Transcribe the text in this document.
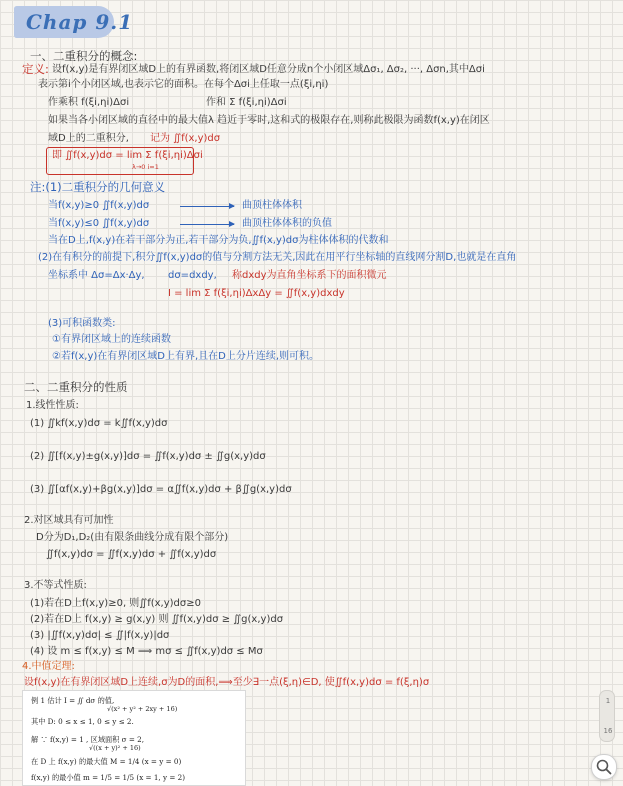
Chap 9.1
一、二重积分的概念:
定义: 设f(x,y)是有界闭区域D上的有界函数,将闭区域D任意分成n个小闭区域Δσ₁, Δσ₂, ···, Δσn,其中Δσi
表示第i个小闭区域,也表示它的面积。在每个Δσi上任取一点(ξi,ηi)
作乘积 f(ξi,ηi)Δσi	作和 Σ f(ξi,ηi)Δσi
如果当各小闭区域的直径中的最大值λ 趋近于零时,这和式的极限存在,则称此极限为函数f(x,y)在闭区
域D上的二重积分, 记为 ∬f(x,y)dσ
即 ∬f(x,y)dσ = lim Σ f(ξi,ηi)Δσi
λ→0 i=1
注:(1)二重积分的几何意义
当f(x,y)≥0 ∬f(x,y)dσ	曲顶柱体体积
当f(x,y)≤0 ∬f(x,y)dσ	曲顶柱体体积的负值
当在D上,f(x,y)在若干部分为正,若干部分为负,∬f(x,y)dσ为柱体体积的代数和
(2)在有积分的前提下,积分∬f(x,y)dσ的值与分割方法无关,因此在用平行坐标轴的直线网分割D,也就是在直角
坐标系中 Δσ=Δx·Δy, dσ=dxdy, 称dxdy为直角坐标系下的面积微元
I = lim Σ f(ξi,ηi)ΔxΔy = ∬f(x,y)dxdy
(3)可积函数类:
①有界闭区域上的连续函数
②若f(x,y)在有界闭区域D上有界,且在D上分片连续,则可积。
二、二重积分的性质
1.线性性质:
(1) ∬kf(x,y)dσ = k∬f(x,y)dσ
(2) ∬[f(x,y)±g(x,y)]dσ = ∬f(x,y)dσ ± ∬g(x,y)dσ
(3) ∬[αf(x,y)+βg(x,y)]dσ = α∬f(x,y)dσ + β∬g(x,y)dσ
2.对区域具有可加性
D分为D₁,D₂(由有限条曲线分成有限个部分)
∬f(x,y)dσ = ∬f(x,y)dσ + ∬f(x,y)dσ
3.不等式性质:
(1)若在D上f(x,y)≥0, 则∬f(x,y)dσ≥0
(2)若在D上 f(x,y) ≥ g(x,y) 则 ∬f(x,y)dσ ≥ ∬g(x,y)dσ
(3) |∬f(x,y)dσ| ≤ ∬|f(x,y)|dσ
(4) 设 m ≤ f(x,y) ≤ M ⟹ mσ ≤ ∬f(x,y)dσ ≤ Mσ
4.中值定理:
设f(x,y)在有界闭区域D上连续,σ为D的面积,⟹至少∃一点(ξ,η)∈D, 使∬f(x,y)dσ = f(ξ,η)σ
例 1 估计 I = ∬ dσ 的值,
√(x² + y² + 2xy + 16)
其中 D: 0 ≤ x ≤ 1, 0 ≤ y ≤ 2.
解 ∵ f(x,y) = 1 , 区域面积 σ = 2,
√((x + y)² + 16)
在 D 上 f(x,y) 的最大值 M = 1/4 (x = y = 0)
f(x,y) 的最小值 m = 1/5 = 1/5 (x = 1, y = 2)
1
16
